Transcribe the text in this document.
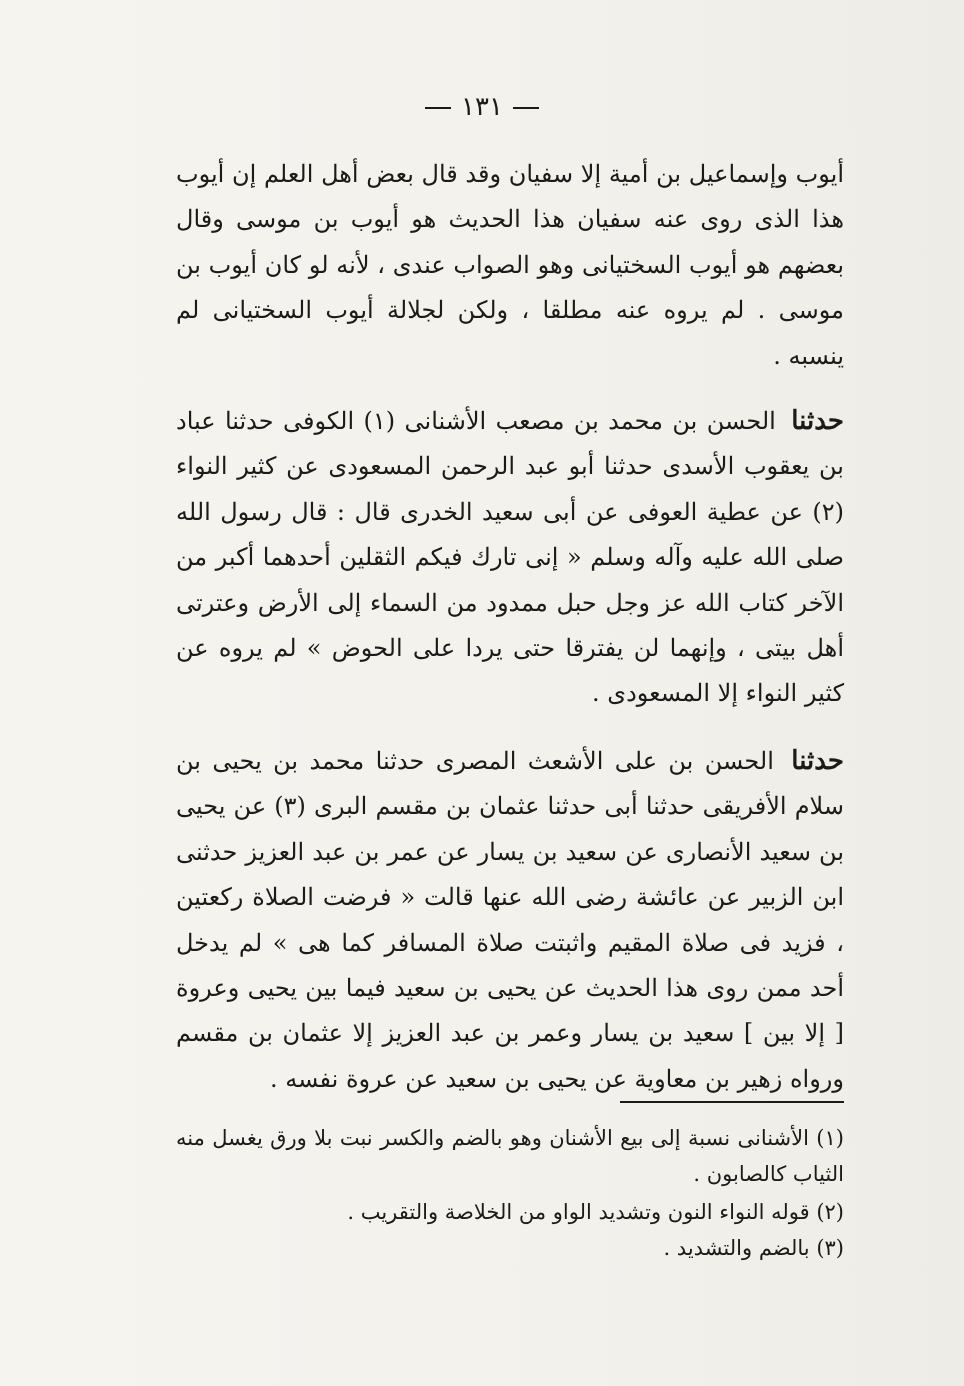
١٣١

أيوب وإسماعيل بن أمية إلا سفيان وقد قال بعض أهل العلم إن أيوب هذا الذى روى عنه سفيان هذا الحديث هو أيوب بن موسى وقال بعضهم هو أيوب السختيانى وهو الصواب عندى ، لأنه لو كان أيوب بن موسى . لم يروه عنه مطلقا ، ولكن لجلالة أيوب السختيانى لم ينسبه .

حدثنا الحسن بن محمد بن مصعب الأشنانى (١) الكوفى حدثنا عباد بن يعقوب الأسدى حدثنا أبو عبد الرحمن المسعودى عن كثير النواء (٢) عن عطية العوفى عن أبى سعيد الخدرى قال : قال رسول الله صلى الله عليه وآله وسلم « إنى تارك فيكم الثقلين أحدهما أكبر من الآخر كتاب الله عز وجل حبل ممدود من السماء إلى الأرض وعترتى أهل بيتى ، وإنهما لن يفترقا حتى يردا على الحوض » لم يروه عن كثير النواء إلا المسعودى .

حدثنا الحسن بن على الأشعث المصرى حدثنا محمد بن يحيى بن سلام الأفريقى حدثنا أبى حدثنا عثمان بن مقسم البرى (٣) عن يحيى بن سعيد الأنصارى عن سعيد بن يسار عن عمر بن عبد العزيز حدثنى ابن الزبير عن عائشة رضى الله عنها قالت « فرضت الصلاة ركعتين ، فزيد فى صلاة المقيم واثبتت صلاة المسافر كما هى » لم يدخل أحد ممن روى هذا الحديث عن يحيى بن سعيد فيما بين يحيى وعروة [ إلا بين ] سعيد بن يسار وعمر بن عبد العزيز إلا عثمان بن مقسم ورواه زهير بن معاوية عن يحيى بن سعيد عن عروة نفسه .

(١) الأشنانى نسبة إلى بيع الأشنان وهو بالضم والكسر نبت بلا ورق يغسل منه الثياب كالصابون .

(٢) قوله النواء النون وتشديد الواو من الخلاصة والتقريب .

(٣) بالضم والتشديد .
